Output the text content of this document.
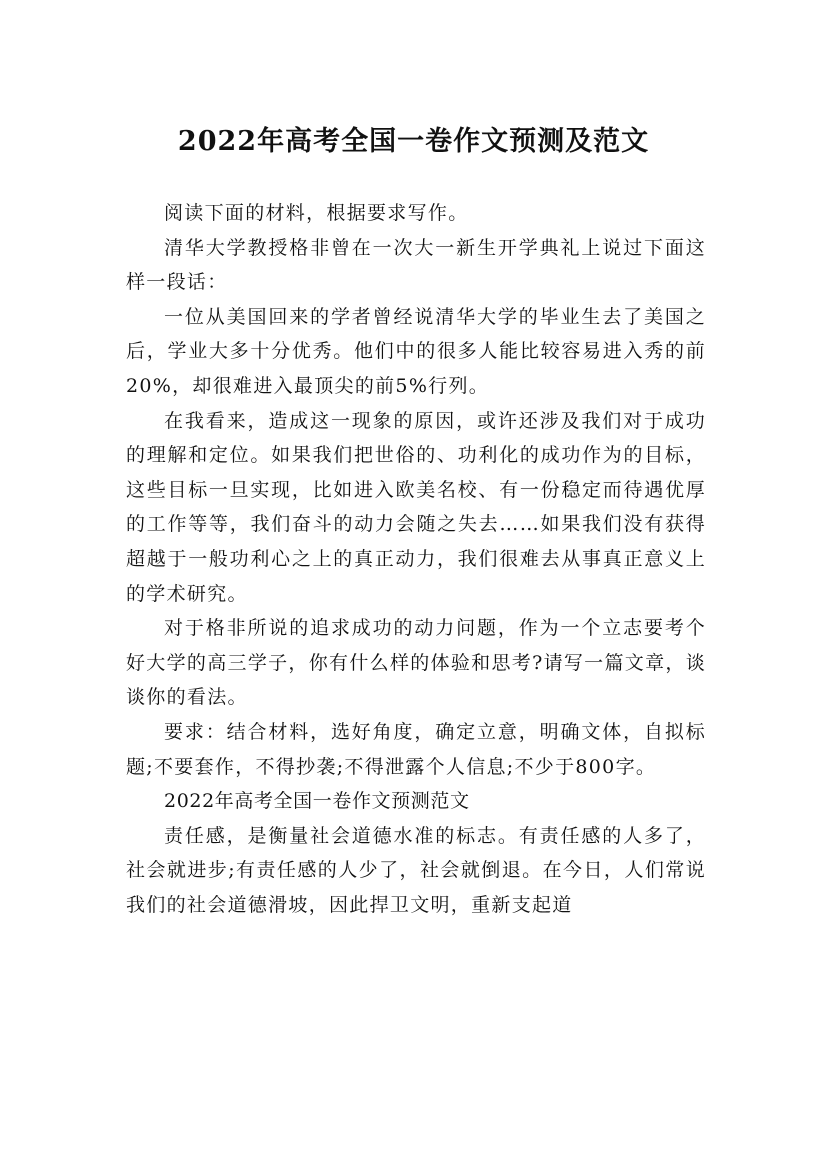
2022年高考全国一卷作文预测及范文

阅读下面的材料，根据要求写作。

清华大学教授格非曾在一次大一新生开学典礼上说过下面这样一段话：

一位从美国回来的学者曾经说清华大学的毕业生去了美国之后，学业大多十分优秀。他们中的很多人能比较容易进入秀的前20%，却很难进入最顶尖的前5%行列。

在我看来，造成这一现象的原因，或许还涉及我们对于成功的理解和定位。如果我们把世俗的、功利化的成功作为的目标，这些目标一旦实现，比如进入欧美名校、有一份稳定而待遇优厚的工作等等，我们奋斗的动力会随之失去……如果我们没有获得超越于一般功利心之上的真正动力，我们很难去从事真正意义上的学术研究。

对于格非所说的追求成功的动力问题，作为一个立志要考个好大学的高三学子，你有什么样的体验和思考?请写一篇文章，谈谈你的看法。

要求：结合材料，选好角度，确定立意，明确文体，自拟标题;不要套作，不得抄袭;不得泄露个人信息;不少于800字。

2022年高考全国一卷作文预测范文

责任感，是衡量社会道德水准的标志。有责任感的人多了，社会就进步;有责任感的人少了，社会就倒退。在今日，人们常说我们的社会道德滑坡，因此捍卫文明，重新支起道
